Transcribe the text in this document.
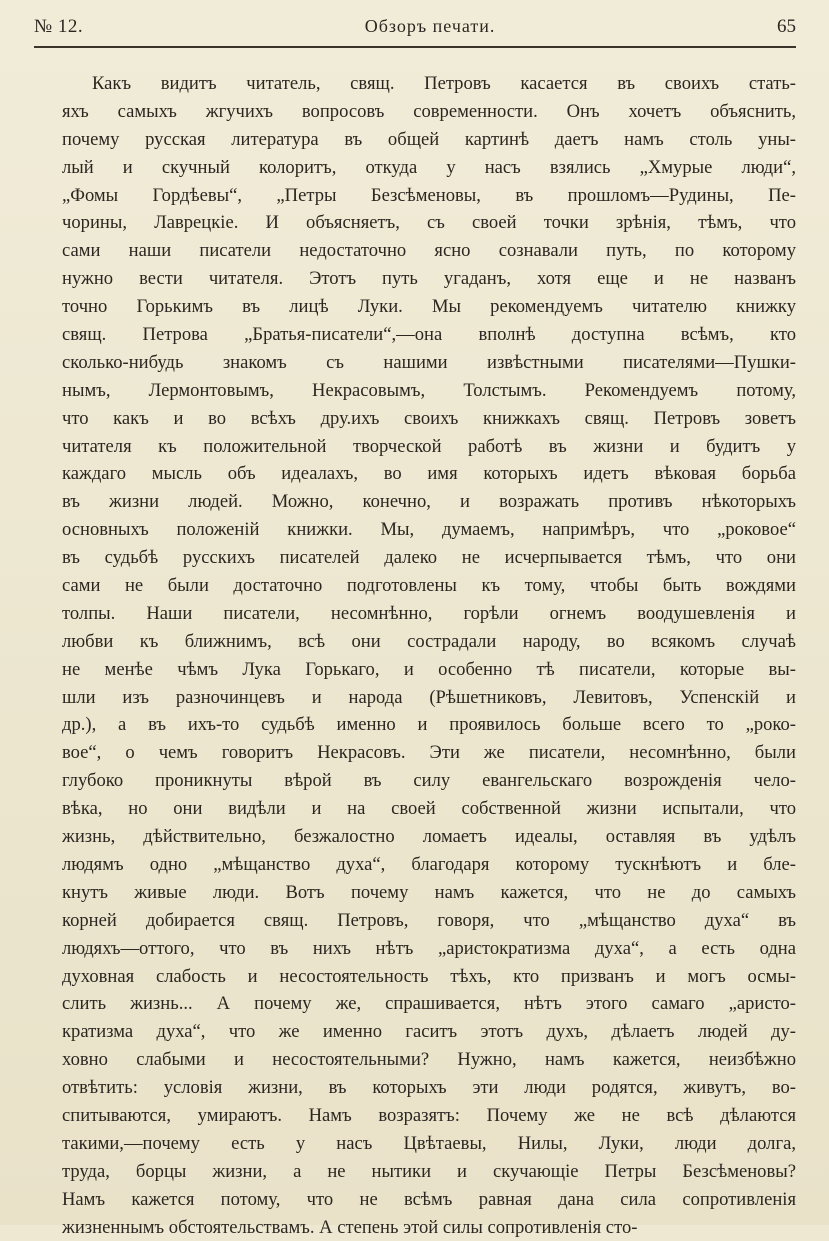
№ 12.	Обзоръ печати.	65
Какъ видитъ читатель, свящ. Петровъ касается въ своихъ стать-
яхъ самыхъ жгучихъ вопросовъ современности. Онъ хочетъ объяснить,
почему русская литература въ общей картинѣ даетъ намъ столь уны-
лый и скучный колоритъ, откуда у насъ взялись „Хмурые люди“,
„Фомы Гордѣевы“, „Петры Безсѣменовы, въ прошломъ—Рудины, Пе-
чорины, Лаврецкіе. И объясняетъ, съ своей точки зрѣнія, тѣмъ, что
сами наши писатели недостаточно ясно сознавали путь, по которому
нужно вести читателя. Этотъ путь угаданъ, хотя еще и не названъ
точно Горькимъ въ лицѣ Луки. Мы рекомендуемъ читателю книжку
свящ. Петрова „Братья-писатели“,—она вполнѣ доступна всѣмъ, кто
сколько-нибудь знакомъ съ нашими извѣстными писателями—Пушки-
нымъ, Лермонтовымъ, Некрасовымъ, Толстымъ. Рекомендуемъ потому,
что какъ и во всѣхъ дру.ихъ своихъ книжкахъ свящ. Петровъ зоветъ
читателя къ положительной творческой работѣ въ жизни и будитъ у
каждаго мысль объ идеалахъ, во имя которыхъ идетъ вѣковая борьба
въ жизни людей. Можно, конечно, и возражать противъ нѣкоторыхъ
основныхъ положеній книжки. Мы, думаемъ, напримѣръ, что „роковое“
въ судьбѣ русскихъ писателей далеко не исчерпывается тѣмъ, что они
сами не были достаточно подготовлены къ тому, чтобы быть вождями
толпы. Наши писатели, несомнѣнно, горѣли огнемъ воодушевленія и
любви къ ближнимъ, всѣ они сострадали народу, во всякомъ случаѣ
не менѣе чѣмъ Лука Горькаго, и особенно тѣ писатели, которые вы-
шли изъ разночинцевъ и народа (Рѣшетниковъ, Левитовъ, Успенскій и
др.), а въ ихъ-то судьбѣ именно и проявилось больше всего то „роко-
вое“, о чемъ говоритъ Некрасовъ. Эти же писатели, несомнѣнно, были
глубоко проникнуты вѣрой въ силу евангельскаго возрожденія чело-
вѣка, но они видѣли и на своей собственной жизни испытали, что
жизнь, дѣйствительно, безжалостно ломаетъ идеалы, оставляя въ удѣлъ
людямъ одно „мѣщанство духа“, благодаря которому тускнѣютъ и бле-
кнутъ живые люди. Вотъ почему намъ кажется, что не до самыхъ
корней добирается свящ. Петровъ, говоря, что „мѣщанство духа“ въ
людяхъ—оттого, что въ нихъ нѣтъ „аристократизма духа“, а есть одна
духовная слабость и несостоятельность тѣхъ, кто призванъ и могъ осмы-
слить жизнь... А почему же, спрашивается, нѣтъ этого самаго „аристо-
кратизма духа“, что же именно гаситъ этотъ духъ, дѣлаетъ людей ду-
ховно слабыми и несостоятельными? Нужно, намъ кажется, неизбѣжно
отвѣтить: условія жизни, въ которыхъ эти люди родятся, живутъ, во-
спитываются, умираютъ. Намъ возразятъ: Почему же не всѣ дѣлаются
такими,—почему есть у насъ Цвѣтаевы, Нилы, Луки, люди долга,
труда, борцы жизни, а не нытики и скучающіе Петры Безсѣменовы?
Намъ кажется потому, что не всѣмъ равная дана сила сопротивленія
жизненнымъ обстоятельствамъ. А степень этой силы сопротивленія сто-
